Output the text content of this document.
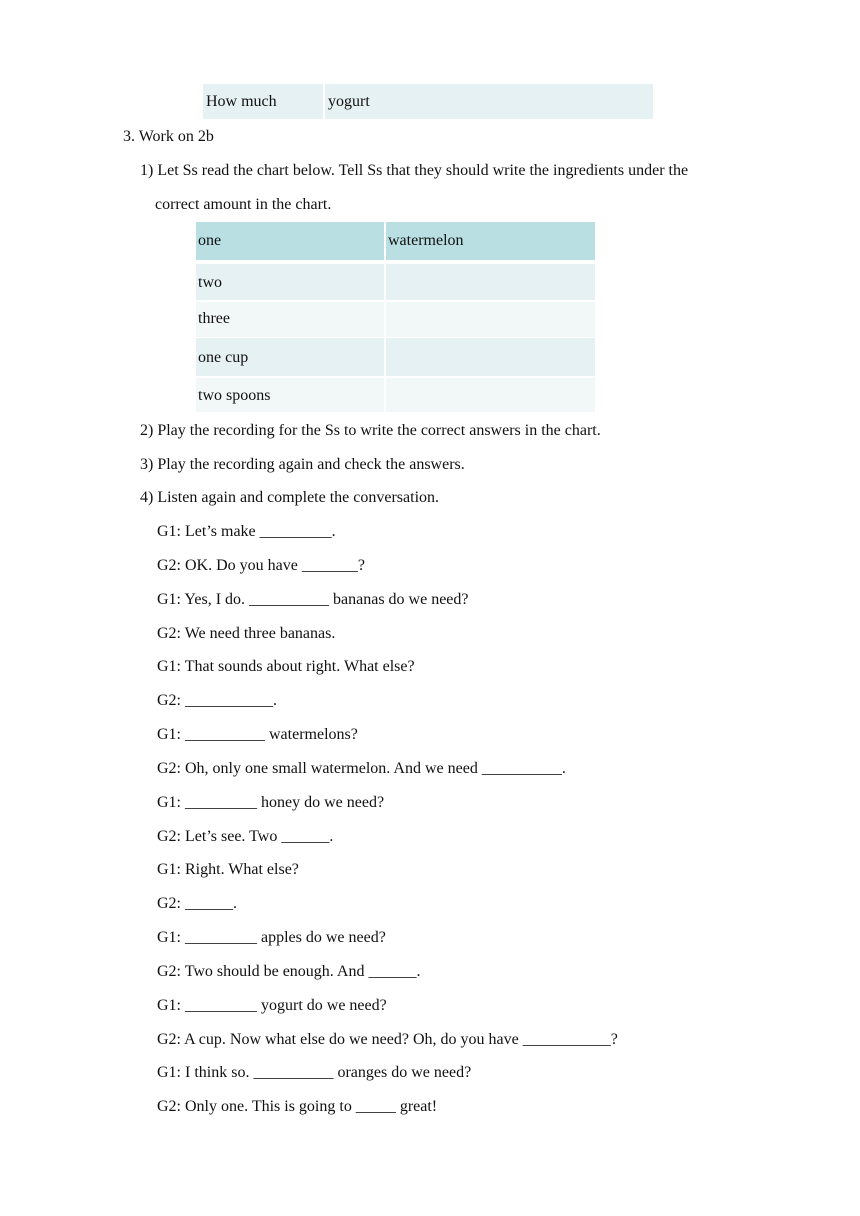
How much	yogurt
3. Work on 2b
1) Let Ss read the chart below. Tell Ss that they should write the ingredients under the
correct amount in the chart.
one	watermelon
two
three
one cup
two spoons
2) Play the recording for the Ss to write the correct answers in the chart.
3) Play the recording again and check the answers.
4) Listen again and complete the conversation.
G1: Let’s make _________.
G2: OK. Do you have _______?
G1: Yes, I do. __________ bananas do we need?
G2: We need three bananas.
G1: That sounds about right. What else?
G2: ___________.
G1: __________ watermelons?
G2: Oh, only one small watermelon. And we need __________.
G1: _________ honey do we need?
G2: Let’s see. Two ______.
G1: Right. What else?
G2: ______.
G1: _________ apples do we need?
G2: Two should be enough. And ______.
G1: _________ yogurt do we need?
G2: A cup. Now what else do we need? Oh, do you have ___________?
G1: I think so. __________ oranges do we need?
G2: Only one. This is going to _____ great!
